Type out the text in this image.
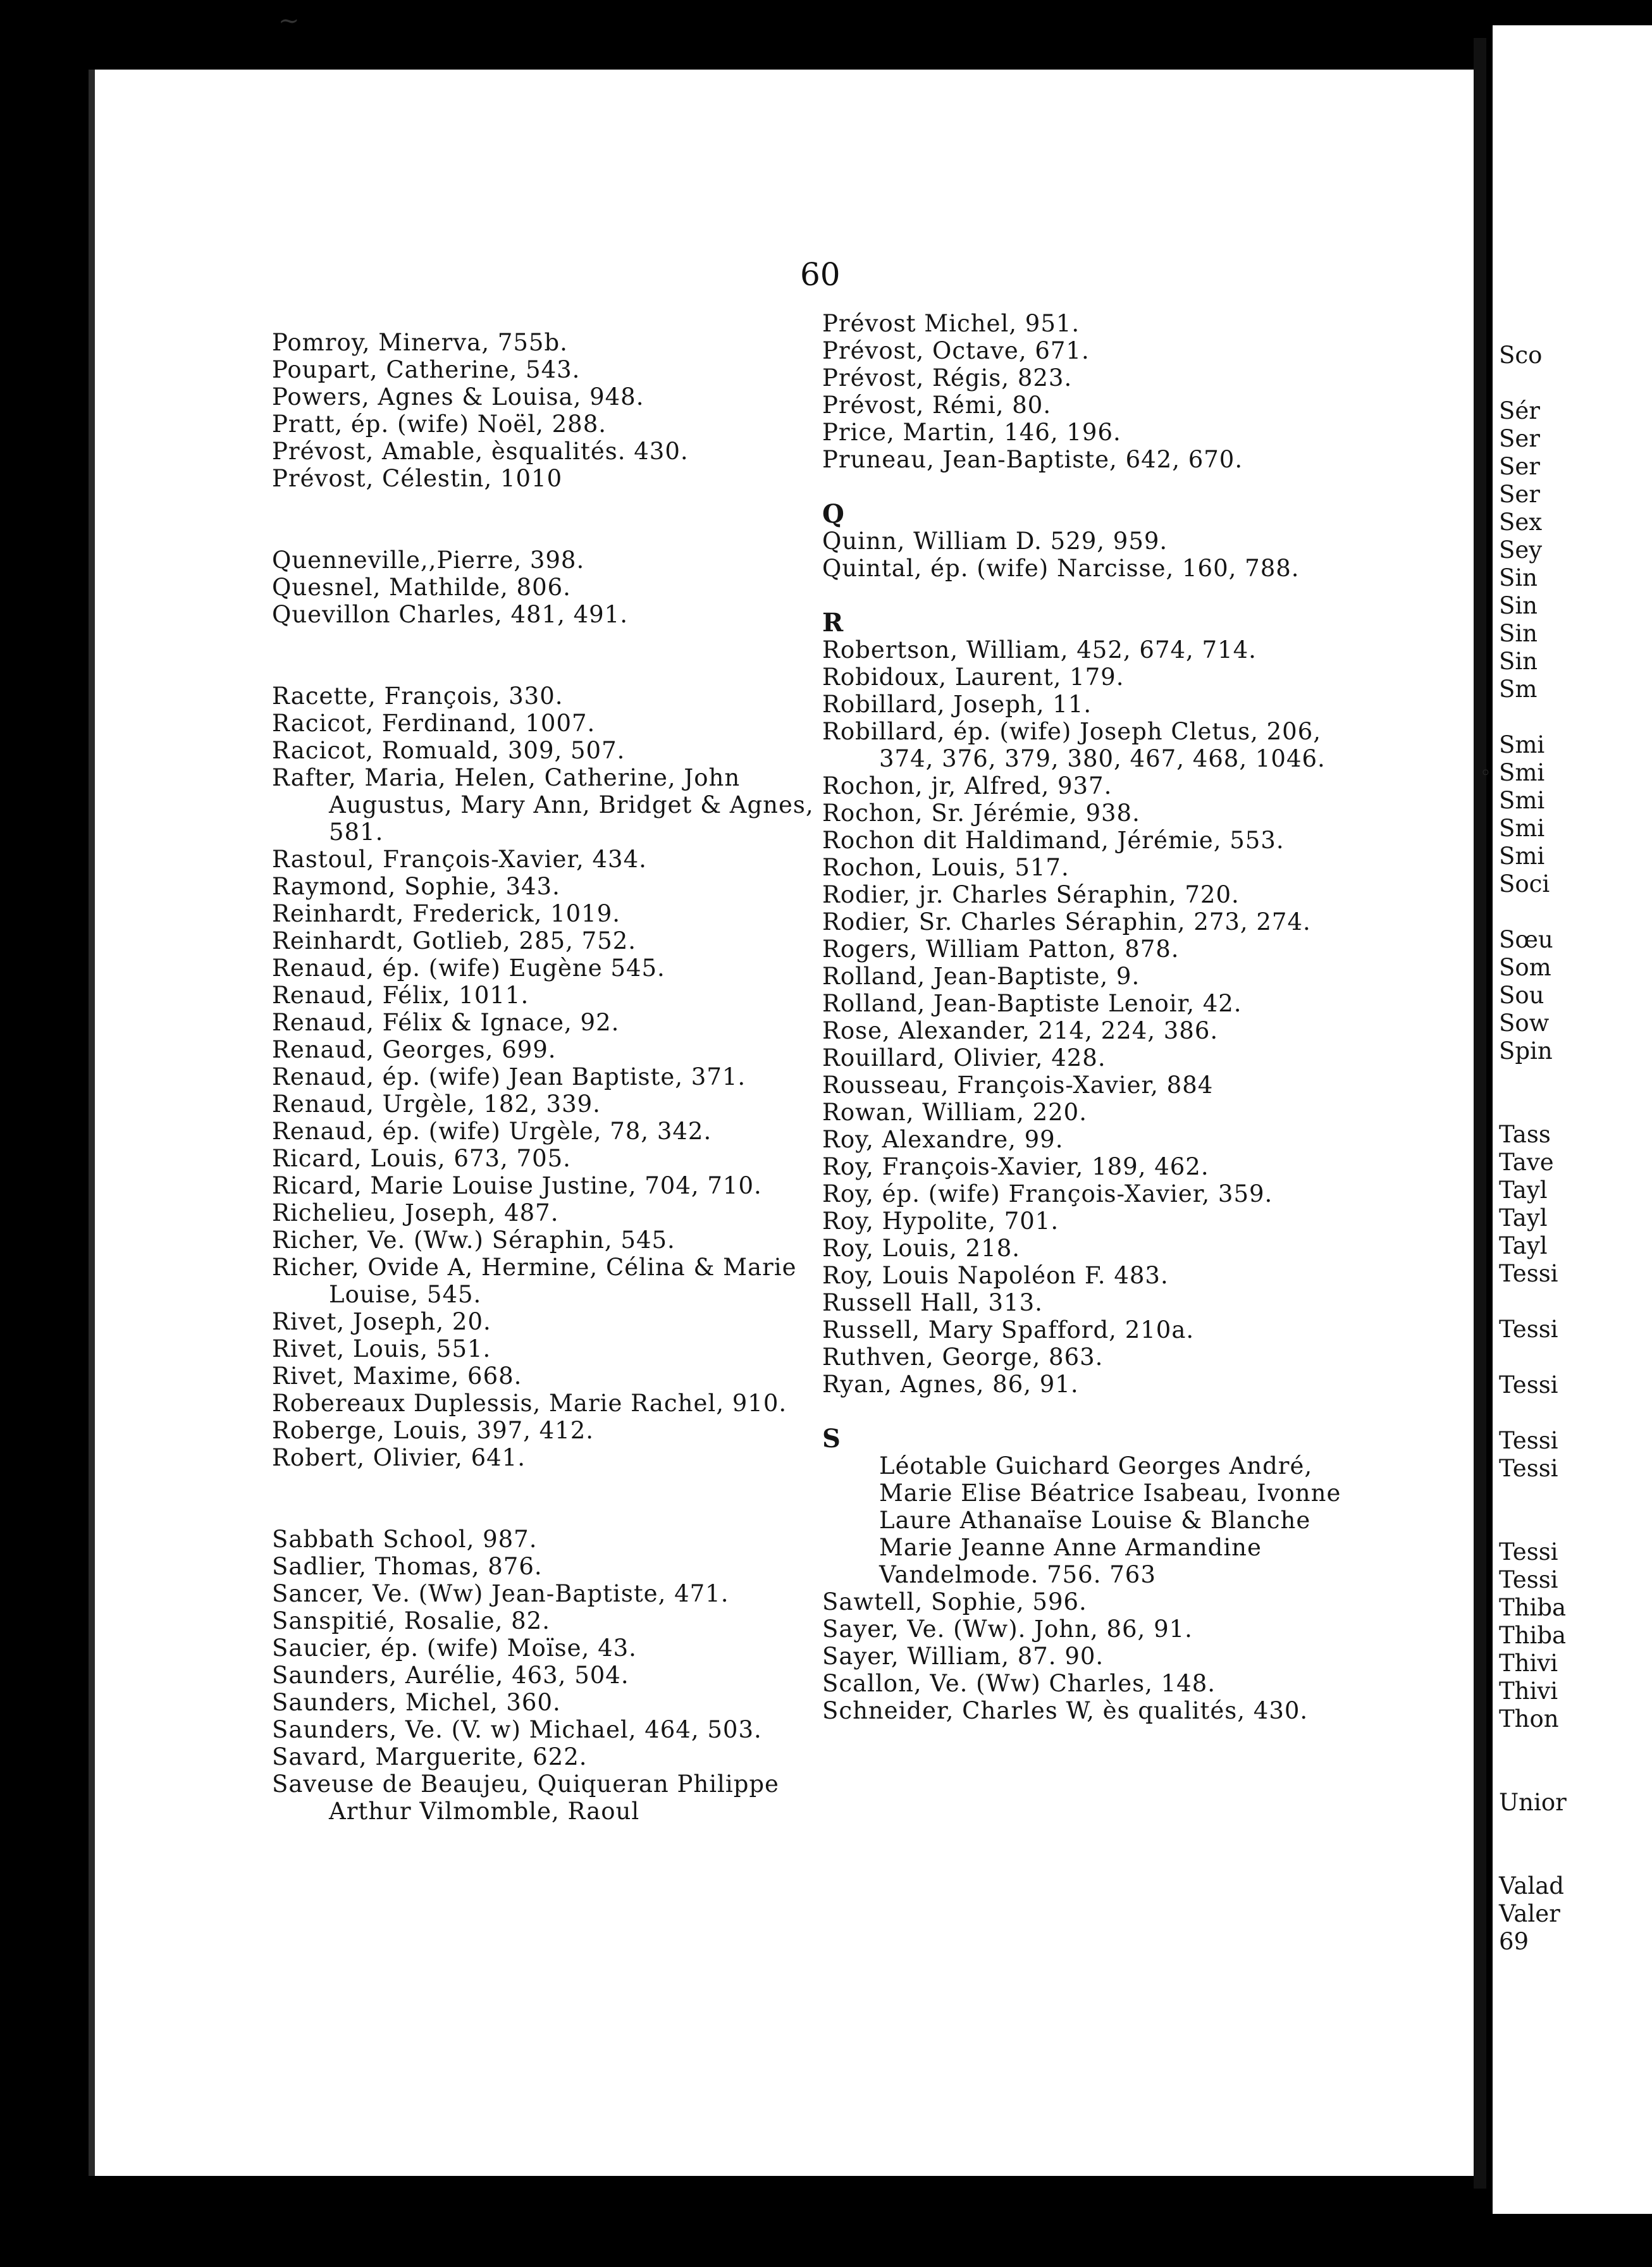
Sco
Sér
Ser
Ser
Ser
Sex
Sey
Sin
Sin
Sin
Sin
Sm
Smi
Smi
Smi
Smi
Smi
Soci
Sœu
Som
Sou
Sow
Spin
Tass
Tave
Tayl
Tayl
Tayl
Tessi
Tessi
Tessi
Tessi
Tessi
Tessi
Tessi
Thiba
Thiba
Thivi
Thivi
Thon
Unior
Valad
Valer
69
60
Pomroy, Minerva, 755b.
Poupart, Catherine, 543.
Powers, Agnes & Louisa, 948.
Pratt, ép. (wife) Noël, 288.
Prévost, Amable, èsqualités. 430.
Prévost, Célestin, 1010
Quenneville,,Pierre, 398.
Quesnel, Mathilde, 806.
Quevillon Charles, 481, 491.
Racette, François, 330.
Racicot, Ferdinand, 1007.
Racicot, Romuald, 309, 507.
Rafter, Maria, Helen, Catherine, John Augustus, Mary Ann, Bridget & Agnes, 581.
Rastoul, François-Xavier, 434.
Raymond, Sophie, 343.
Reinhardt, Frederick, 1019.
Reinhardt, Gotlieb, 285, 752.
Renaud, ép. (wife) Eugène 545.
Renaud, Félix, 1011.
Renaud, Félix & Ignace, 92.
Renaud, Georges, 699.
Renaud, ép. (wife) Jean Baptiste, 371.
Renaud, Urgèle, 182, 339.
Renaud, ép. (wife) Urgèle, 78, 342.
Ricard, Louis, 673, 705.
Ricard, Marie Louise Justine, 704, 710.
Richelieu, Joseph, 487.
Richer, Ve. (Ww.) Séraphin, 545.
Richer, Ovide A, Hermine, Célina & Marie Louise, 545.
Rivet, Joseph, 20.
Rivet, Louis, 551.
Rivet, Maxime, 668.
Robereaux Duplessis, Marie Rachel, 910.
Roberge, Louis, 397, 412.
Robert, Olivier, 641.
Sabbath School, 987.
Sadlier, Thomas, 876.
Sancer, Ve. (Ww) Jean-Baptiste, 471.
Sanspitié, Rosalie, 82.
Saucier, ép. (wife) Moïse, 43.
Saunders, Aurélie, 463, 504.
Saunders, Michel, 360.
Saunders, Ve. (V. w) Michael, 464, 503.
Savard, Marguerite, 622.
Saveuse de Beaujeu, Quiqueran Philippe Arthur Vilmomble, Raoul
Prévost Michel, 951.
Prévost, Octave, 671.
Prévost, Régis, 823.
Prévost, Rémi, 80.
Price, Martin, 146, 196.
Pruneau, Jean-Baptiste, 642, 670.
Q
Quinn, William D. 529, 959.
Quintal, ép. (wife) Narcisse, 160, 788.
R
Robertson, William, 452, 674, 714.
Robidoux, Laurent, 179.
Robillard, Joseph, 11.
Robillard, ép. (wife) Joseph Cletus, 206, 374, 376, 379, 380, 467, 468, 1046.
Rochon, jr, Alfred, 937.
Rochon, Sr. Jérémie, 938.
Rochon dit Haldimand, Jérémie, 553.
Rochon, Louis, 517.
Rodier, jr. Charles Séraphin, 720.
Rodier, Sr. Charles Séraphin, 273, 274.
Rogers, William Patton, 878.
Rolland, Jean-Baptiste, 9.
Rolland, Jean-Baptiste Lenoir, 42.
Rose, Alexander, 214, 224, 386.
Rouillard, Olivier, 428.
Rousseau, François-Xavier, 884
Rowan, William, 220.
Roy, Alexandre, 99.
Roy, François-Xavier, 189, 462.
Roy, ép. (wife) François-Xavier, 359.
Roy, Hypolite, 701.
Roy, Louis, 218.
Roy, Louis Napoléon F. 483.
Russell Hall, 313.
Russell, Mary Spafford, 210a.
Ruthven, George, 863.
Ryan, Agnes, 86, 91.
S
Léotable Guichard Georges André, Marie Elise Béatrice Isabeau, Ivonne Laure Athanaïse Louise & Blanche Marie Jeanne Anne Armandine Vandelmode. 756. 763
Sawtell, Sophie, 596.
Sayer, Ve. (Ww). John, 86, 91.
Sayer, William, 87. 90.
Scallon, Ve. (Ww) Charles, 148.
Schneider, Charles W, ès qualités, 430.
~
◦
